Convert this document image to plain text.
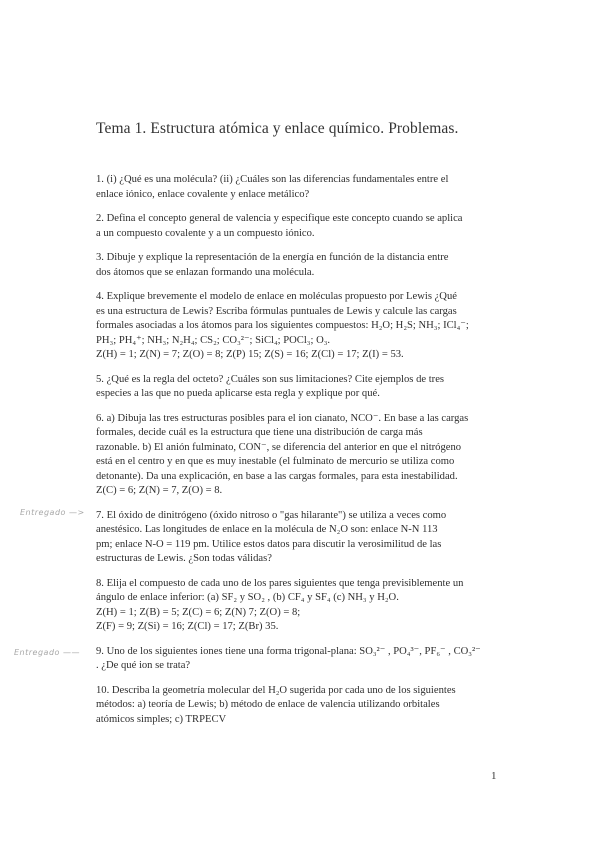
Tema 1. Estructura atómica y enlace químico. Problemas.
1. (i) ¿Qué es una molécula? (ii) ¿Cuáles son las diferencias fundamentales entre el
enlace iónico, enlace covalente y enlace metálico?
2. Defina el concepto general de valencia y especifique este concepto cuando se aplica
a un compuesto covalente y a un compuesto iónico.
3. Dibuje y explique la representación de la energía en función de la distancia entre
dos átomos que se enlazan formando una molécula.
4. Explique brevemente el modelo de enlace en moléculas propuesto por Lewis ¿Qué
es una estructura de Lewis? Escriba fórmulas puntuales de Lewis y calcule las cargas
formales asociadas a los átomos para los siguientes compuestos: H₂O; H₂S; NH₃; ICl₄⁻;
PH₃; PH₄⁺; NH₃; N₂H₄; CS₂; CO₃²⁻; SiCl₄; POCl₃; O₃.
Z(H) = 1; Z(N) = 7; Z(O) = 8; Z(P) 15; Z(S) = 16; Z(Cl) = 17; Z(I) = 53.
5. ¿Qué es la regla del octeto? ¿Cuáles son sus limitaciones? Cite ejemplos de tres
especies a las que no pueda aplicarse esta regla y explique por qué.
6. a) Dibuja las tres estructuras posibles para el ion cianato, NCO⁻. En base a las cargas
formales, decide cuál es la estructura que tiene una distribución de carga más
razonable. b) El anión fulminato, CON⁻, se diferencia del anterior en que el nitrógeno
está en el centro y en que es muy inestable (el fulminato de mercurio se utiliza como
detonante). Da una explicación, en base a las cargas formales, para esta inestabilidad.
Z(C) = 6; Z(N) = 7, Z(O) = 8.
7. El óxido de dinitrógeno (óxido nitroso o "gas hilarante") se utiliza a veces como
anestésico. Las longitudes de enlace en la molécula de N₂O son: enlace N-N 113
pm; enlace N-O = 119 pm. Utilice estos datos para discutir la verosimilitud de las
estructuras de Lewis. ¿Son todas válidas?
8. Elija el compuesto de cada uno de los pares siguientes que tenga previsiblemente un
ángulo de enlace inferior: (a) SF₂ y SO₂ , (b) CF₄ y SF₄ (c) NH₃ y H₂O.
Z(H) = 1; Z(B) = 5; Z(C) = 6; Z(N) 7; Z(O) = 8;
Z(F) = 9; Z(Si) = 16; Z(Cl) = 17; Z(Br) 35.
9. Uno de los siguientes iones tiene una forma trigonal-plana: SO₃²⁻ , PO₄³⁻, PF₆⁻ , CO₃²⁻
. ¿De qué ion se trata?
10. Describa la geometría molecular del H₂O sugerida por cada uno de los siguientes
métodos: a) teoría de Lewis; b) método de enlace de valencia utilizando orbitales
atómicos simples; c) TRPECV
Entregado —>
Entregado ——
1
